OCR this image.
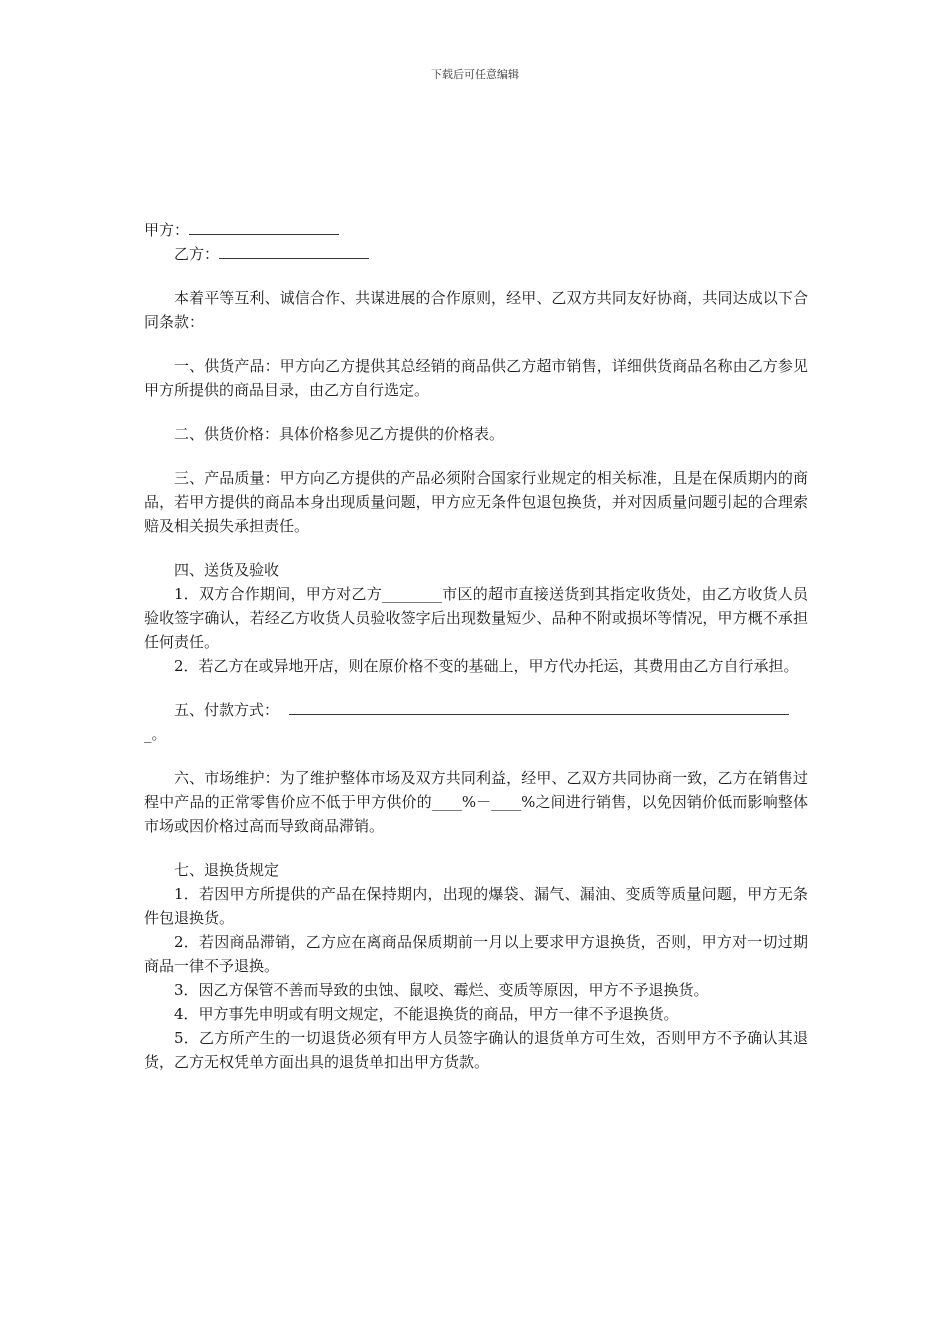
下载后可任意编辑
甲方：
乙方：
本着平等互利、诚信合作、共谋进展的合作原则，经甲、乙双方共同友好协商，共同达成以下合同条款：
一、供货产品：甲方向乙方提供其总经销的商品供乙方超市销售，详细供货商品名称由乙方参见甲方所提供的商品目录，由乙方自行选定。
二、供货价格：具体价格参见乙方提供的价格表。
三、产品质量：甲方向乙方提供的产品必须附合国家行业规定的相关标准，且是在保质期内的商品，若甲方提供的商品本身出现质量问题，甲方应无条件包退包换货，并对因质量问题引起的合理索赔及相关损失承担责任。
四、送货及验收
1．双方合作期间，甲方对乙方________市区的超市直接送货到其指定收货处，由乙方收货人员验收签字确认，若经乙方收货人员验收签字后出现数量短少、品种不附或损坏等情况，甲方概不承担任何责任。
2．若乙方在或异地开店，则在原价格不变的基础上，甲方代办托运，其费用由乙方自行承担。
五、付款方式：
_。
六、市场维护：为了维护整体市场及双方共同利益，经甲、乙双方共同协商一致，乙方在销售过程中产品的正常零售价应不低于甲方供价的____%－____%之间进行销售，以免因销价低而影响整体市场或因价格过高而导致商品滞销。
七、退换货规定
1．若因甲方所提供的产品在保持期内，出现的爆袋、漏气、漏油、变质等质量问题，甲方无条件包退换货。
2．若因商品滞销，乙方应在离商品保质期前一月以上要求甲方退换货，否则，甲方对一切过期商品一律不予退换。
3．因乙方保管不善而导致的虫蚀、鼠咬、霉烂、变质等原因，甲方不予退换货。
4．甲方事先申明或有明文规定，不能退换货的商品，甲方一律不予退换货。
5．乙方所产生的一切退货必须有甲方人员签字确认的退货单方可生效，否则甲方不予确认其退货，乙方无权凭单方面出具的退货单扣出甲方货款。
